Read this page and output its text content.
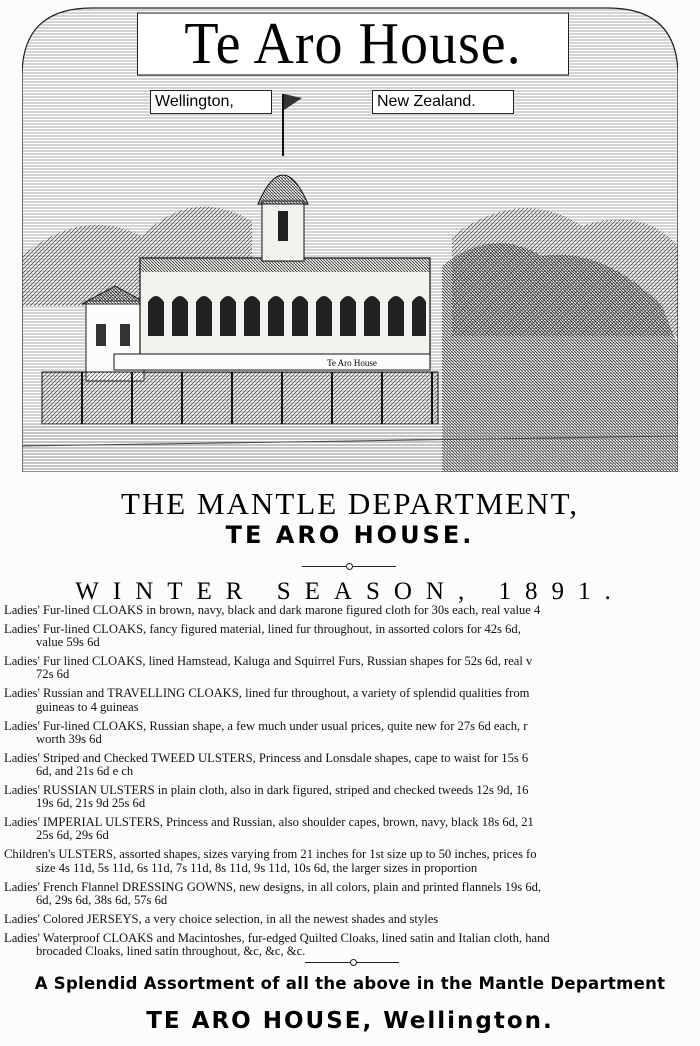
Te Aro House
Te Aro House.
Wellington,	New Zealand.
THE MANTLE DEPARTMENT,
TE ARO HOUSE.
WINTER SEASON, 1891.
Ladies' Fur-lined CLOAKS in brown, navy, black and dark marone figured cloth for 30s each, real value 4
Ladies' Fur-lined CLOAKS, fancy figured material, lined fur throughout, in assorted colors for 42s 6d,
value 59s 6d
Ladies' Fur lined CLOAKS, lined Hamstead, Kaluga and Squirrel Furs, Russian shapes for 52s 6d, real v
72s 6d
Ladies' Russian and TRAVELLING CLOAKS, lined fur throughout, a variety of splendid qualities from
guineas to 4 guineas
Ladies' Fur-lined CLOAKS, Russian shape, a few much under usual prices, quite new for 27s 6d each, r
worth 39s 6d
Ladies' Striped and Checked TWEED ULSTERS, Princess and Lonsdale shapes, cape to waist for 15s 6
6d, and 21s 6d e ch
Ladies' RUSSIAN ULSTERS in plain cloth, also in dark figured, striped and checked tweeds 12s 9d, 16
19s 6d, 21s 9d 25s 6d
Ladies' IMPERIAL ULSTERS, Princess and Russian, also shoulder capes, brown, navy, black 18s 6d, 21
25s 6d, 29s 6d
Children's ULSTERS, assorted shapes, sizes varying from 21 inches for 1st size up to 50 inches, prices fo
size 4s 11d, 5s 11d, 6s 11d, 7s 11d, 8s 11d, 9s 11d, 10s 6d, the larger sizes in proportion
Ladies' French Flannel DRESSING GOWNS, new designs, in all colors, plain and printed flannels 19s 6d,
6d, 29s 6d, 38s 6d, 57s 6d
Ladies' Colored JERSEYS, a very choice selection, in all the newest shades and styles
Ladies' Waterproof CLOAKS and Macintoshes, fur-edged Quilted Cloaks, lined satin and Italian cloth, hand
brocaded Cloaks, lined satin throughout, &c, &c, &c.
A Splendid Assortment of all the above in the Mantle Department
TE ARO HOUSE, Wellington.
